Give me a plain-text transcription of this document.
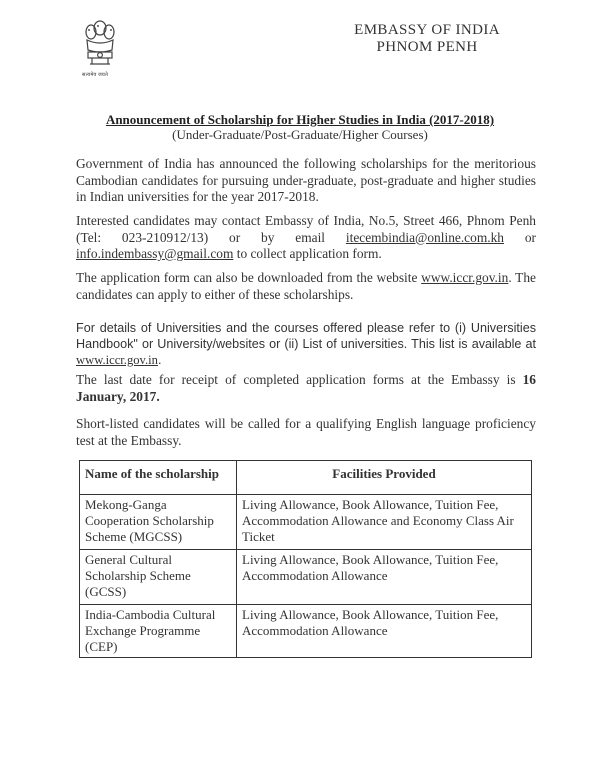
सत्यमेव जयते
EMBASSY OF INDIA
PHNOM PENH
Announcement of Scholarship for Higher Studies in India (2017-2018)
(Under-Graduate/Post-Graduate/Higher Courses)
Government of India has announced the following scholarships for the meritorious Cambodian candidates for pursuing under-graduate, post-graduate and higher studies in Indian universities for the year 2017-2018.
Interested candidates may contact Embassy of India, No.5, Street 466, Phnom Penh (Tel: 023-210912/13) or by email itecembindia@online.com.kh or info.indembassy@gmail.com to collect application form.
The application form can also be downloaded from the website www.iccr.gov.in. The candidates can apply to either of these scholarships.
For details of Universities and the courses offered please refer to (i) Universities Handbook" or University/websites or (ii) List of universities. This list is available at www.iccr.gov.in.
The last date for receipt of completed application forms at the Embassy is 16 January, 2017.
Short-listed candidates will be called for a qualifying English language proficiency test at the Embassy.
Name of the scholarship	Facilities Provided
Mekong-Ganga Cooperation Scholarship Scheme (MGCSS)	Living Allowance, Book Allowance, Tuition Fee, Accommodation Allowance and Economy Class Air Ticket
General Cultural Scholarship Scheme (GCSS)	Living Allowance, Book Allowance, Tuition Fee, Accommodation Allowance
India-Cambodia Cultural Exchange Programme (CEP)	Living Allowance, Book Allowance, Tuition Fee, Accommodation Allowance
